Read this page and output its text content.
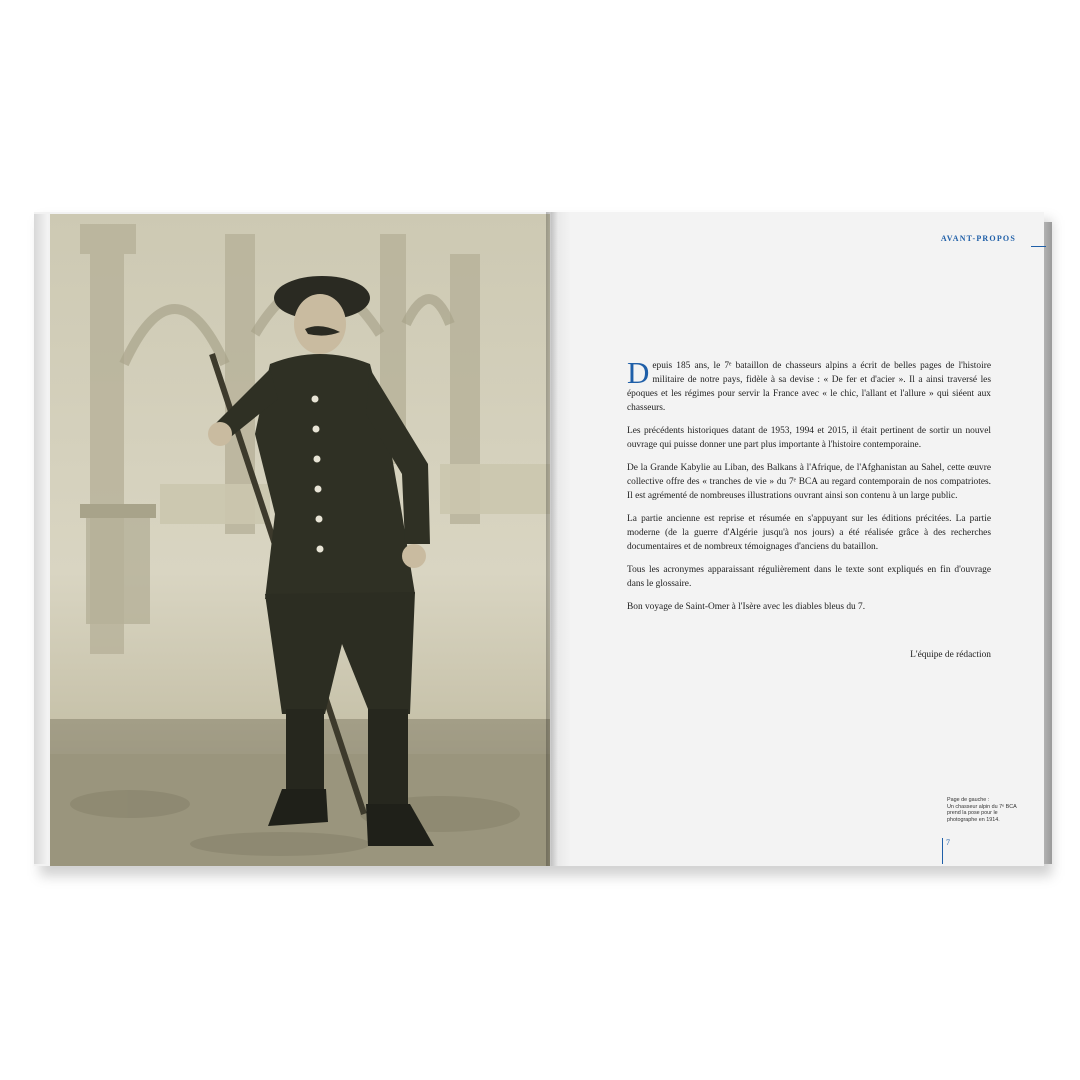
AVANT-PROPOS

Depuis 185 ans, le 7ᵉ bataillon de chasseurs alpins a écrit de belles pages de l'histoire militaire de notre pays, fidèle à sa devise : « De fer et d'acier ». Il a ainsi traversé les époques et les régimes pour servir la France avec « le chic, l'allant et l'allure » qui siéent aux chasseurs.

Les précédents historiques datant de 1953, 1994 et 2015, il était pertinent de sortir un nouvel ouvrage qui puisse donner une part plus importante à l'histoire contemporaine.

De la Grande Kabylie au Liban, des Balkans à l'Afrique, de l'Afghanistan au Sahel, cette œuvre collective offre des « tranches de vie » du 7ᵉ BCA au regard contemporain de nos compatriotes. Il est agrémenté de nombreuses illustrations ouvrant ainsi son contenu à un large public.

La partie ancienne est reprise et résumée en s'appuyant sur les éditions précitées. La partie moderne (de la guerre d'Algérie jusqu'à nos jours) a été réalisée grâce à des recherches documentaires et de nombreux témoignages d'anciens du bataillon.

Tous les acronymes apparaissant régulièrement dans le texte sont expliqués en fin d'ouvrage dans le glossaire.

Bon voyage de Saint-Omer à l'Isère avec les diables bleus du 7.

L'équipe de rédaction
Page de gauche :
Un chasseur alpin du 7ᵉ BCA prend la pose pour le photographe en 1914.
7
